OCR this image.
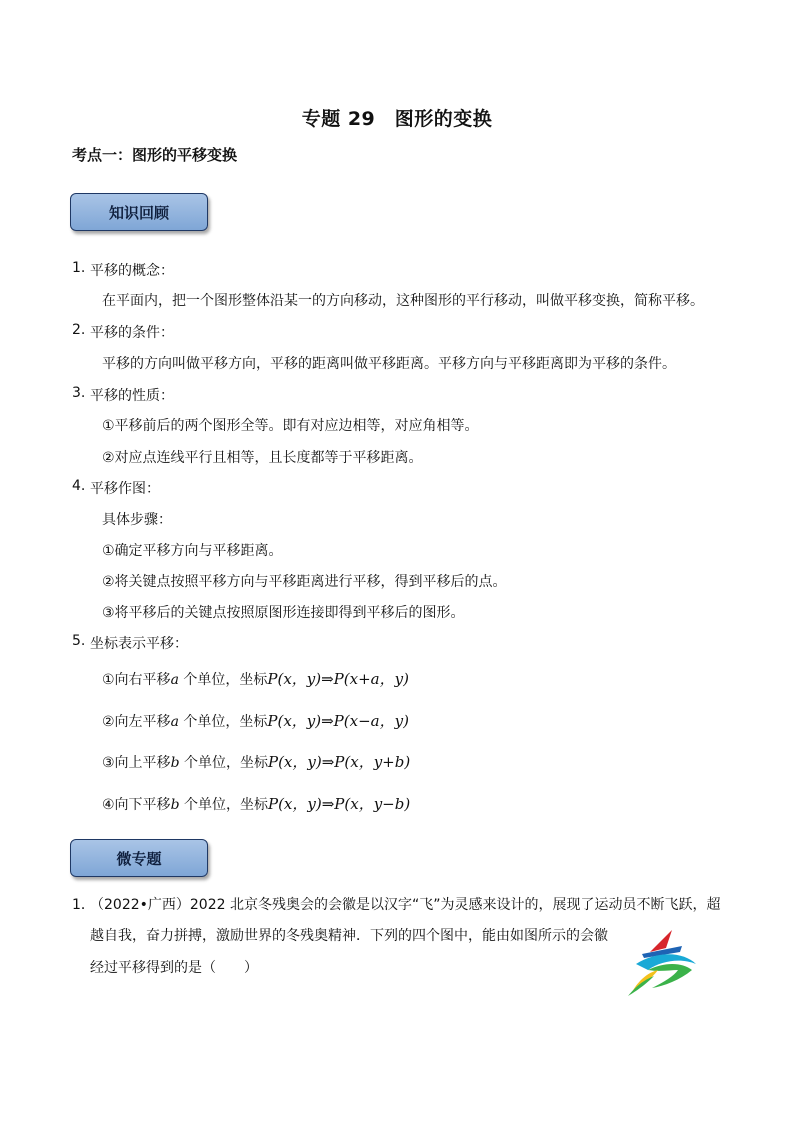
专题 29　图形的变换
考点一：图形的平移变换
知识回顾
1. 平移的概念：
在平面内，把一个图形整体沿某一的方向移动，这种图形的平行移动，叫做平移变换，简称平移。
2. 平移的条件：
平移的方向叫做平移方向，平移的距离叫做平移距离。平移方向与平移距离即为平移的条件。
3. 平移的性质：
①平移前后的两个图形全等。即有对应边相等，对应角相等。
②对应点连线平行且相等，且长度都等于平移距离。
4. 平移作图：
具体步骤：
①确定平移方向与平移距离。
②将关键点按照平移方向与平移距离进行平移，得到平移后的点。
③将平移后的关键点按照原图形连接即得到平移后的图形。
5. 坐标表示平移：
①向右平移a 个单位，坐标P(x，y)⇒P(x+a，y)
②向左平移a 个单位，坐标P(x，y)⇒P(x−a，y)
③向上平移b 个单位，坐标P(x，y)⇒P(x，y+b)
④向下平移b 个单位，坐标P(x，y)⇒P(x，y−b)
微专题
1．
（2022•广西）2022 北京冬残奥会的会徽是以汉字“飞”为灵感来设计的，展现了运动员不断飞跃，超
越自我，奋力拼搏，激励世界的冬残奥精神．下列的四个图中，能由如图所示的会徽
经过平移得到的是（　　）
